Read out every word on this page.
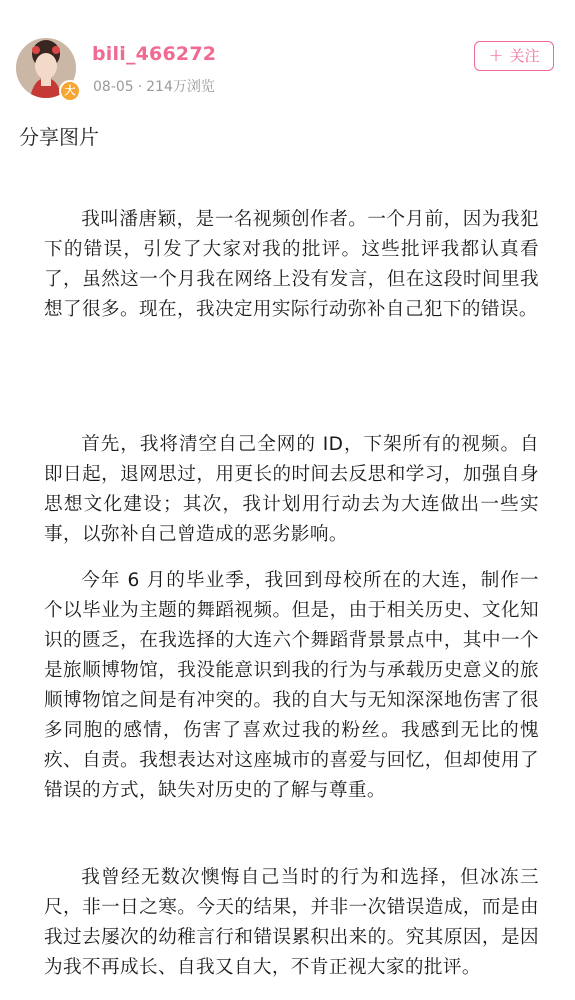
大
bili_466272
08-05 · 214万浏览
+ 关注
分享图片
我叫潘唐颖，是一名视频创作者。一个月前，因为我犯下的错误，引发了大家对我的批评。这些批评我都认真看了，虽然这一个月我在网络上没有发言，但在这段时间里我想了很多。现在，我决定用实际行动弥补自己犯下的错误。
首先，我将清空自己全网的 ID，下架所有的视频。自即日起，退网思过，用更长的时间去反思和学习，加强自身思想文化建设；其次，我计划用行动去为大连做出一些实事，以弥补自己曾造成的恶劣影响。
今年 6 月的毕业季，我回到母校所在的大连，制作一个以毕业为主题的舞蹈视频。但是，由于相关历史、文化知识的匮乏，在我选择的大连六个舞蹈背景景点中，其中一个是旅顺博物馆，我没能意识到我的行为与承载历史意义的旅顺博物馆之间是有冲突的。我的自大与无知深深地伤害了很多同胞的感情，伤害了喜欢过我的粉丝。我感到无比的愧疚、自责。我想表达对这座城市的喜爱与回忆，但却使用了错误的方式，缺失对历史的了解与尊重。
我曾经无数次懊悔自己当时的行为和选择，但冰冻三尺，非一日之寒。今天的结果，并非一次错误造成，而是由我过去屡次的幼稚言行和错误累积出来的。究其原因，是因为我不再成长、自我又自大，不肯正视大家的批评。
